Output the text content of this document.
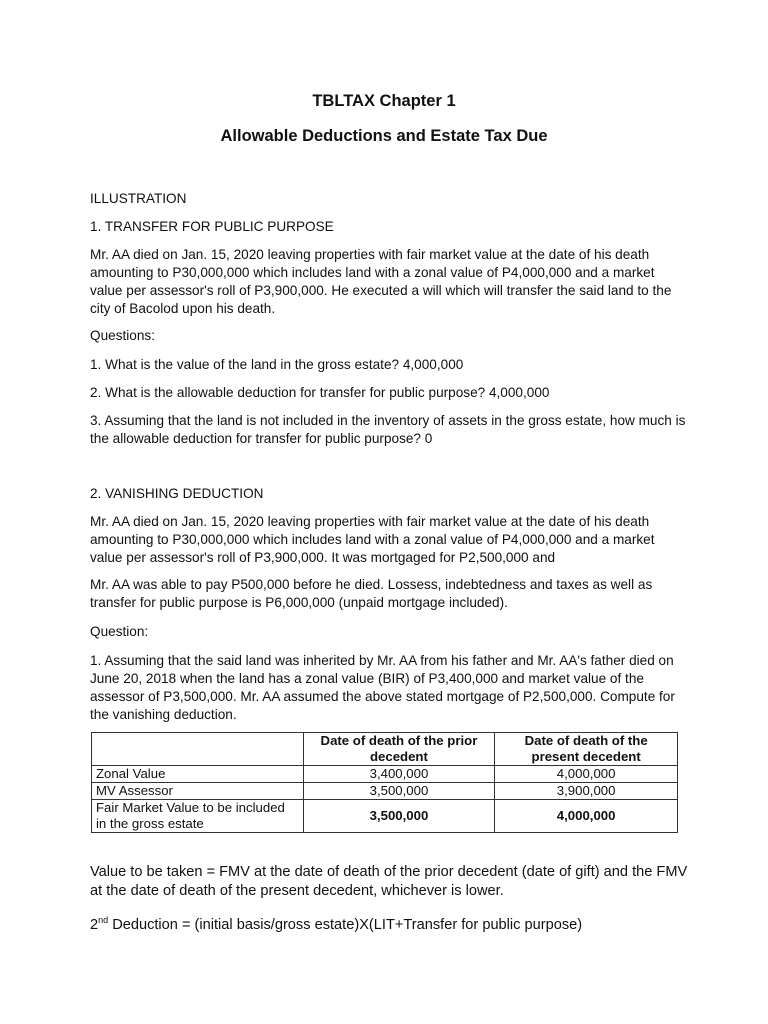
TBLTAX Chapter 1
Allowable Deductions and Estate Tax Due

ILLUSTRATION

1. TRANSFER FOR PUBLIC PURPOSE

Mr. AA died on Jan. 15, 2020 leaving properties with fair market value at the date of his death amounting to P30,000,000 which includes land with a zonal value of P4,000,000 and a market value per assessor's roll of P3,900,000. He executed a will which will transfer the said land to the city of Bacolod upon his death.

Questions:

1. What is the value of the land in the gross estate? 4,000,000

2. What is the allowable deduction for transfer for public purpose? 4,000,000

3. Assuming that the land is not included in the inventory of assets in the gross estate, how much is the allowable deduction for transfer for public purpose? 0

2. VANISHING DEDUCTION

Mr. AA died on Jan. 15, 2020 leaving properties with fair market value at the date of his death amounting to P30,000,000 which includes land with a zonal value of P4,000,000 and a market value per assessor's roll of P3,900,000. It was mortgaged for P2,500,000 and

Mr. AA was able to pay P500,000 before he died. Lossess, indebtedness and taxes as well as transfer for public purpose is P6,000,000 (unpaid mortgage included).

Question:

1. Assuming that the said land was inherited by Mr. AA from his father and Mr. AA's father died on June 20, 2018 when the land has a zonal value (BIR) of P3,400,000 and market value of the assessor of P3,500,000. Mr. AA assumed the above stated mortgage of P2,500,000. Compute for the vanishing deduction.

	Date of death of the prior decedent	Date of death of the present decedent
Zonal Value	3,400,000	4,000,000
MV Assessor	3,500,000	3,900,000
Fair Market Value to be included in the gross estate	3,500,000	4,000,000

Value to be taken = FMV at the date of death of the prior decedent (date of gift) and the FMV at the date of death of the present decedent, whichever is lower.

2nd Deduction = (initial basis/gross estate)X(LIT+Transfer for public purpose)
